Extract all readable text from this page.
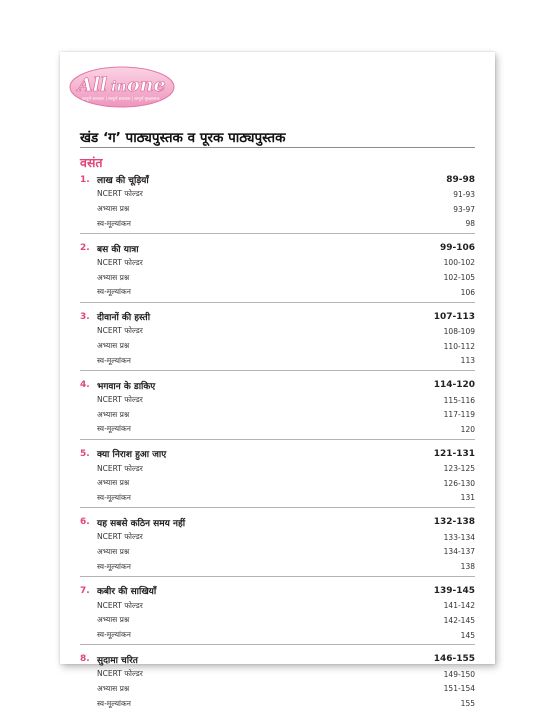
All in one
सम्पूर्ण समाधान | सम्पूर्ण सफलता | सम्पूर्ण सुरक्षात्मक
खंड ‘ग’ पाठ्यपुस्तक व पूरक पाठ्यपुस्तक
वसंत
1. लाख की चूड़ियाँ	89-98
NCERT फोल्डर	91-93
अभ्यास प्रश्न	93-97
स्व-मूल्यांकन	98
2. बस की यात्रा	99-106
NCERT फोल्डर	100-102
अभ्यास प्रश्न	102-105
स्व-मूल्यांकन	106
3. दीवानों की हस्ती	107-113
NCERT फोल्डर	108-109
अभ्यास प्रश्न	110-112
स्व-मूल्यांकन	113
4. भगवान के डाकिए	114-120
NCERT फोल्डर	115-116
अभ्यास प्रश्न	117-119
स्व-मूल्यांकन	120
5. क्या निराश हुआ जाए	121-131
NCERT फोल्डर	123-125
अभ्यास प्रश्न	126-130
स्व-मूल्यांकन	131
6. यह सबसे कठिन समय नहीं	132-138
NCERT फोल्डर	133-134
अभ्यास प्रश्न	134-137
स्व-मूल्यांकन	138
7. कबीर की साखियाँ	139-145
NCERT फोल्डर	141-142
अभ्यास प्रश्न	142-145
स्व-मूल्यांकन	145
8. सुदामा चरित	146-155
NCERT फोल्डर	149-150
अभ्यास प्रश्न	151-154
स्व-मूल्यांकन	155
